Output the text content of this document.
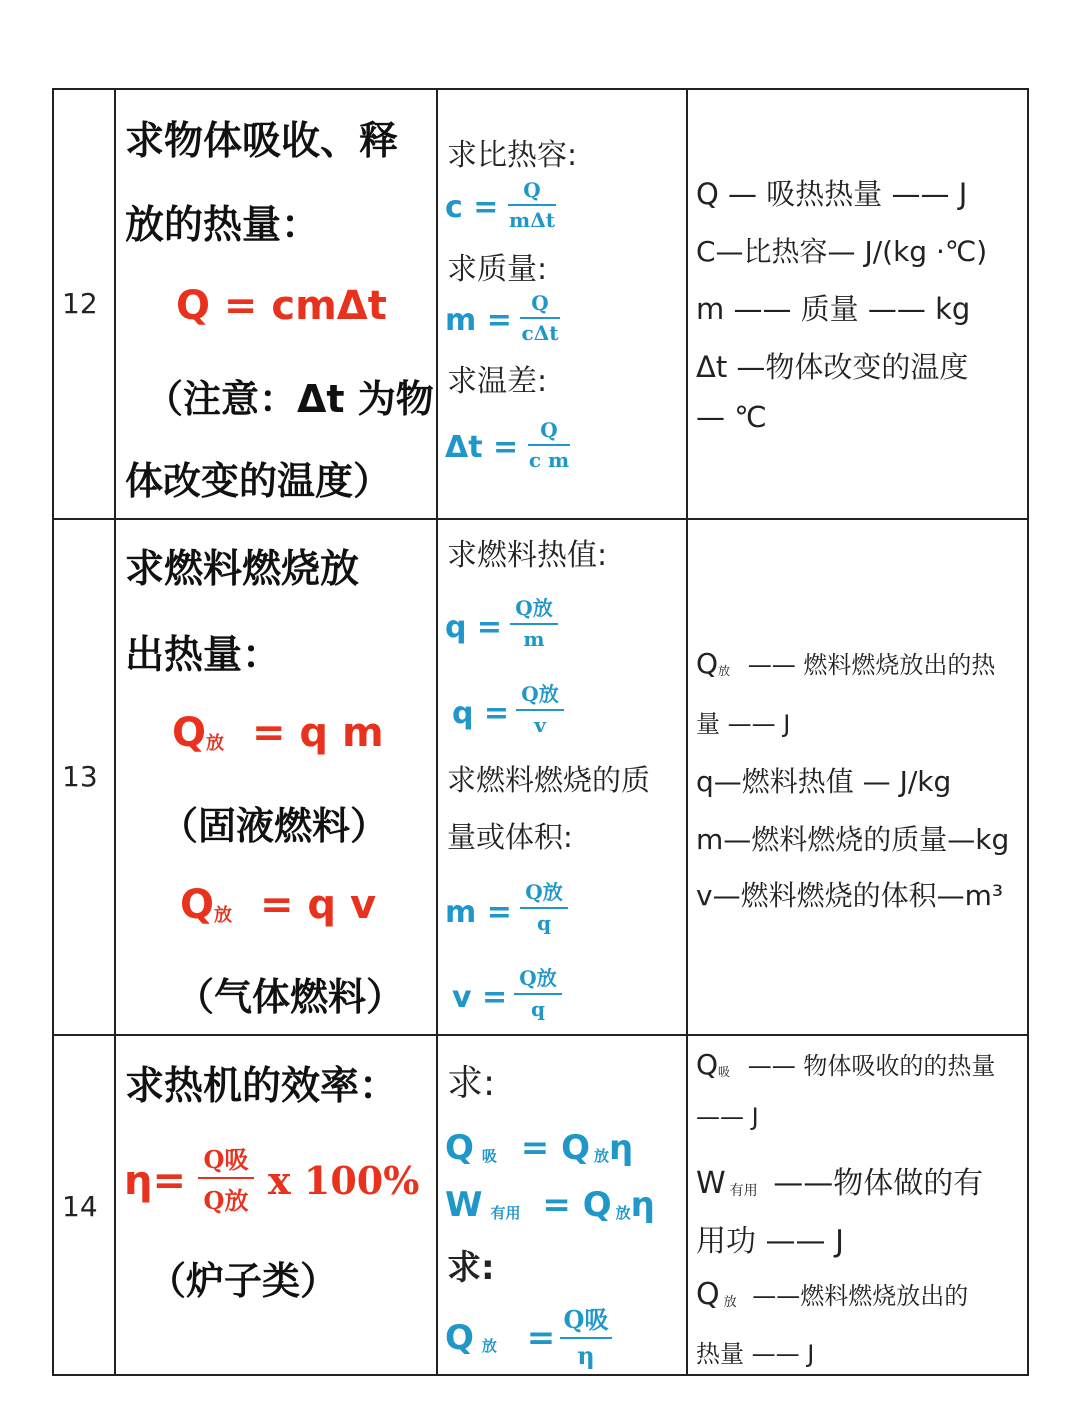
12
求物体吸收、释
放的热量：
Q = cmΔt
（注意：Δt 为物
体改变的温度）
求比热容:
c = Q
mΔt
求质量:
m = Q
cΔt
求温差:
Δt = Q
c m
Q — 吸热热量 —— J
C—比热容— J/(kg ·℃)
m —— 质量 —— kg
Δt —物体改变的温度
— ℃
13
求燃料燃烧放
出热量：
$Q_放 = q$ m
（固液燃料）
$Q_放 = q$ v
（气体燃料）
求燃料热值:
q =
Q放
m
q =
Q放
v
求燃料燃烧的质
量或体积:
m =
Q放
q
v =
Q放
q
$Q_放$ —— 燃料燃烧放出的热
量 —— J
q—燃料热值 — J/kg
m—燃料燃烧的质量—kg
v—燃料燃烧的体积—m³
14
求热机的效率：
η= Q吸
Q放 x 100%
（炉子类）
求:
Q $_吸$ = Q $_放$η
W $_{有用}$ = Q $_放$η
求:
Q $_放$ = Q吸
η
$Q_吸$ —— 物体吸收的的热量
—— J
W $_{有用}$ ——物体做的有
用功 —— J
Q $_放$ ——燃料燃烧放出的
热量 —— J
